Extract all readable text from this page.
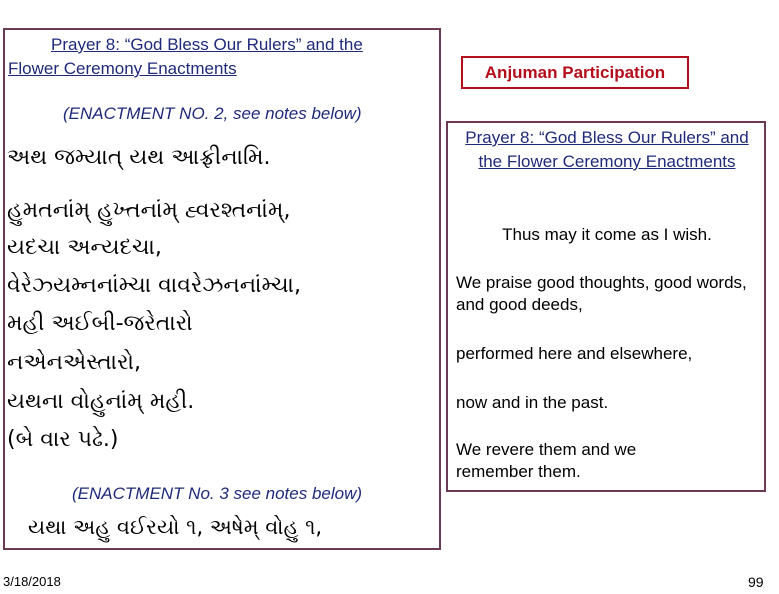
Prayer 8: “God Bless Our Rulers” and the Flower Ceremony Enactments
(ENACTMENT NO. 2, see notes below)
અથ જમ્યાત્ યથ આફ્રીનામિ.
હુમતનાંમ્ હુખ્તનાંમ્ હ્વરશ્તનાંમ્,
યદચા અન્યદચા,
વેરેઝ્યમ્નનાંમ્ચા વાવરેઝનનાંમ્ચા,
મહી અઈબી-જરેતારો
નએનએસ્તારો,
યથના વોહુનાંમ્ મહી.
(બે વાર પઢે.)
(ENACTMENT No. 3 see notes below)
યથા અહુ વઈરયો ૧, અષેમ્ વોહુ ૧,
Anjuman Participation
Prayer 8: “God Bless Our Rulers” and the Flower Ceremony Enactments
Thus may it come as I wish.
We praise good thoughts, good words, and good deeds,
performed here and elsewhere,
now and in the past.
We revere them and we remember them.
3/18/2018	99
